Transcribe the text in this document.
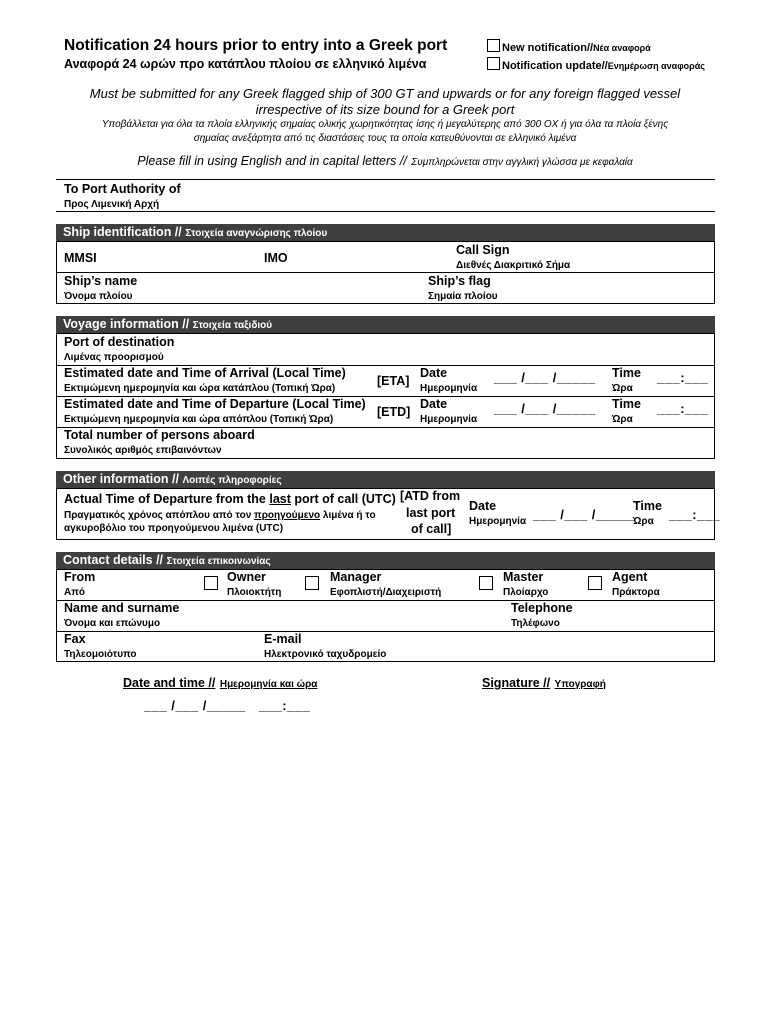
Notification 24 hours prior to entry into a Greek port
Αναφορά 24 ωρών προ κατάπλου πλοίου σε ελληνικό λιμένα
New notification//Νέα αναφορά
Notification update//Ενημέρωση αναφοράς
Must be submitted for any Greek flagged ship of 300 GT and upwards or for any foreign flagged vessel
irrespective of its size bound for a Greek port
Υποβάλλεται για όλα τα πλοία ελληνικής σημαίας ολικής χωρητικότητας ίσης ή μεγαλύτερης από 300 ΟΧ ή για όλα τα πλοία ξένης
σημαίας ανεξάρτητα από τις διαστάσεις τους τα οποία κατευθύνονται σε ελληνικό λιμένα
Please fill in using English and in capital letters // Συμπληρώνεται στην αγγλική γλώσσα με κεφαλαία
To Port Authority of
Προς Λιμενική Αρχή
Ship identification // Στοιχεία αναγνώρισης πλοίου
MMSI	IMO
Call Sign
Διεθνές Διακριτικό Σήμα
Ship’s name
Όνομα πλοίου
Ship’s flag
Σημαία πλοίου
Voyage information // Στοιχεία ταξιδιού
Port of destination
Λιμένας προορισμού
Estimated date and Time of Arrival (Local Time)
Εκτιμώμενη ημερομηνία και ώρα κατάπλου (Τοπική Ώρα)
[ETA]
Date
Ημερομηνία
___ /___ /_____ Time
Ώρα
___:___
Estimated date and Time of Departure (Local Time)
Εκτιμώμενη ημερομηνία και ώρα απόπλου (Τοπική Ώρα)
[ETD]
Date
Ημερομηνία
___ /___ /_____ Time
Ώρα
___:___
Total number of persons aboard
Συνολικός αριθμός επιβαινόντων
Other information // Λοιπές πληροφορίες
Actual Time of Departure from the last port of call (UTC)
Πραγματικός χρόνος απόπλου από τον προηγούμενο λιμένα ή το
αγκυροβόλιο του προηγούμενου λιμένα (UTC)
[ATD from
last port
of call]
Date
Ημερομηνία ___ /___ /_____
Time
Ώρα ___:___
Contact details // Στοιχεία επικοινωνίας
From
Από
Owner
Πλοιοκτήτη
Manager
Εφοπλιστή/Διαχειριστή
Master
Πλοίαρχο
Agent
Πράκτορα
Name and surname
Όνομα και επώνυμο
Telephone
Τηλέφωνο
Fax
Τηλεομοιότυπο
E-mail
Ηλεκτρονικό ταχυδρομείο
Date and time // Ημερομηνία και ώρα	Signature // Υπογραφή
___ /___ /_____ ___:___
